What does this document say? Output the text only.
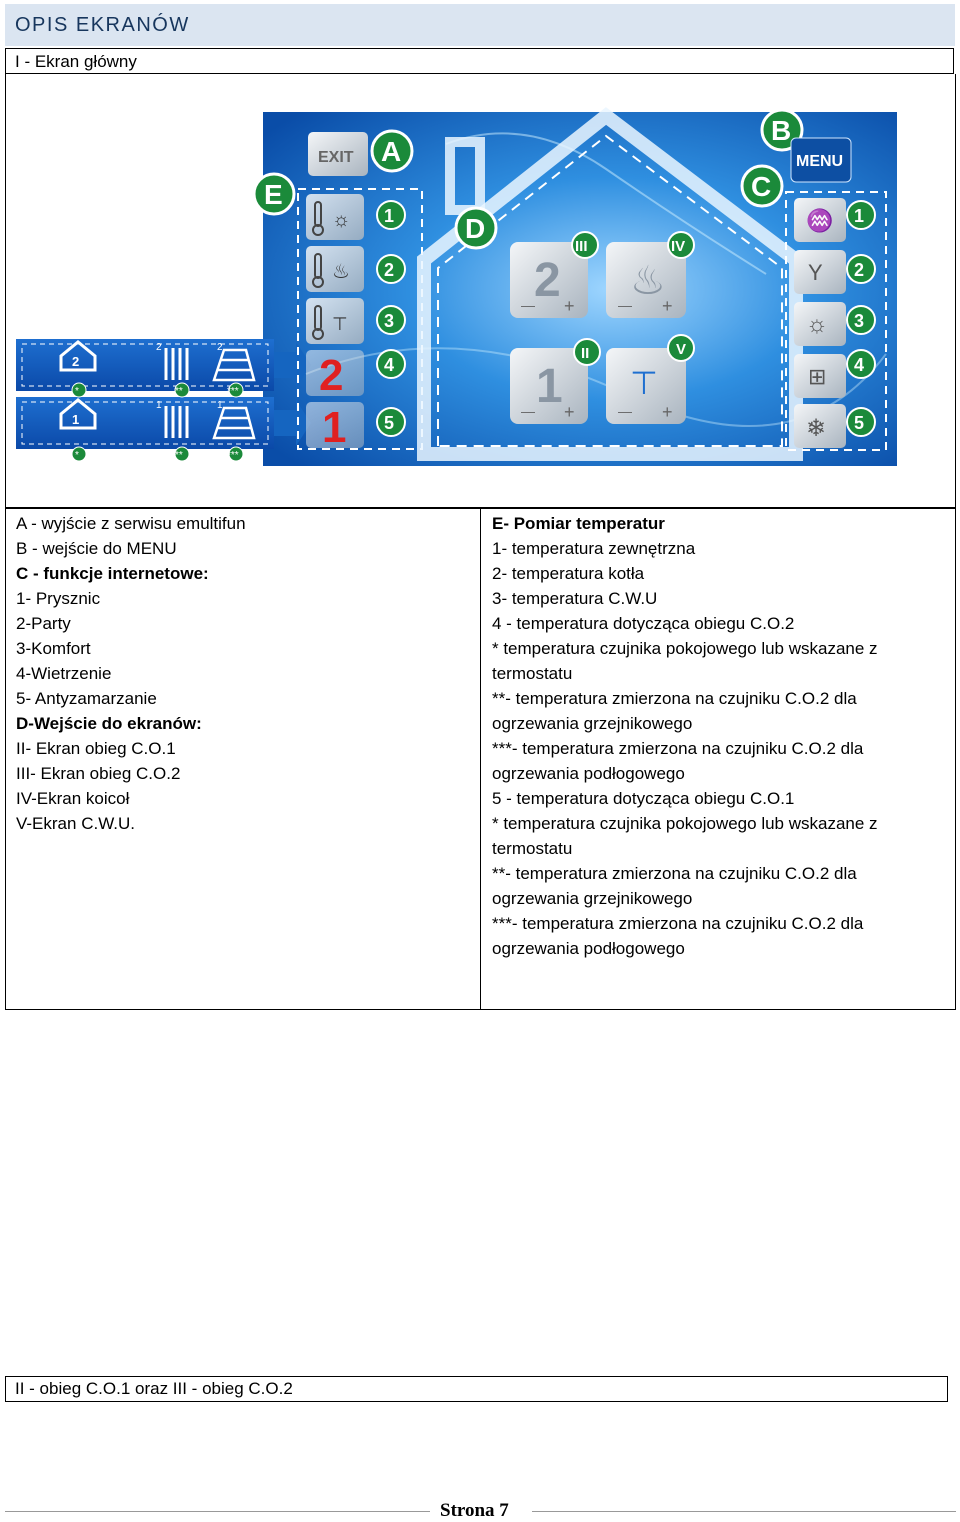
OPIS EKRANÓW
I - Ekran główny
2
1
2
1
2
1
*	**	***
*	**	***
☼
♨
⊤
2
1
1
2
3
4
5
EXIT A
E
D
2
— +
♨
— +
1
— +
⊤
— +
III	IV
II	V
B
MENU
C
♒
Y
☼
⊞
❄
1
2
3
4
5
A - wyjście z serwisu emultifun
B - wejście do MENU
C - funkcje internetowe:
1- Prysznic
2-Party
3-Komfort
4-Wietrzenie
5- Antyzamarzanie
D-Wejście do ekranów:
II- Ekran obieg C.O.1
III- Ekran obieg C.O.2
IV-Ekran koicoł
V-Ekran C.W.U.
E- Pomiar temperatur
1- temperatura zewnętrzna
2- temperatura kotła
3- temperatura C.W.U
4 - temperatura dotycząca obiegu C.O.2
* temperatura czujnika pokojowego lub wskazane z
termostatu
**- temperatura zmierzona na czujniku C.O.2 dla
ogrzewania grzejnikowego
***- temperatura zmierzona na czujniku C.O.2 dla
ogrzewania podłogowego
5 - temperatura dotycząca obiegu C.O.1
* temperatura czujnika pokojowego lub wskazane z
termostatu
**- temperatura zmierzona na czujniku C.O.2 dla
ogrzewania grzejnikowego
***- temperatura zmierzona na czujniku C.O.2 dla
ogrzewania podłogowego
II - obieg C.O.1 oraz III - obieg C.O.2
Strona 7
